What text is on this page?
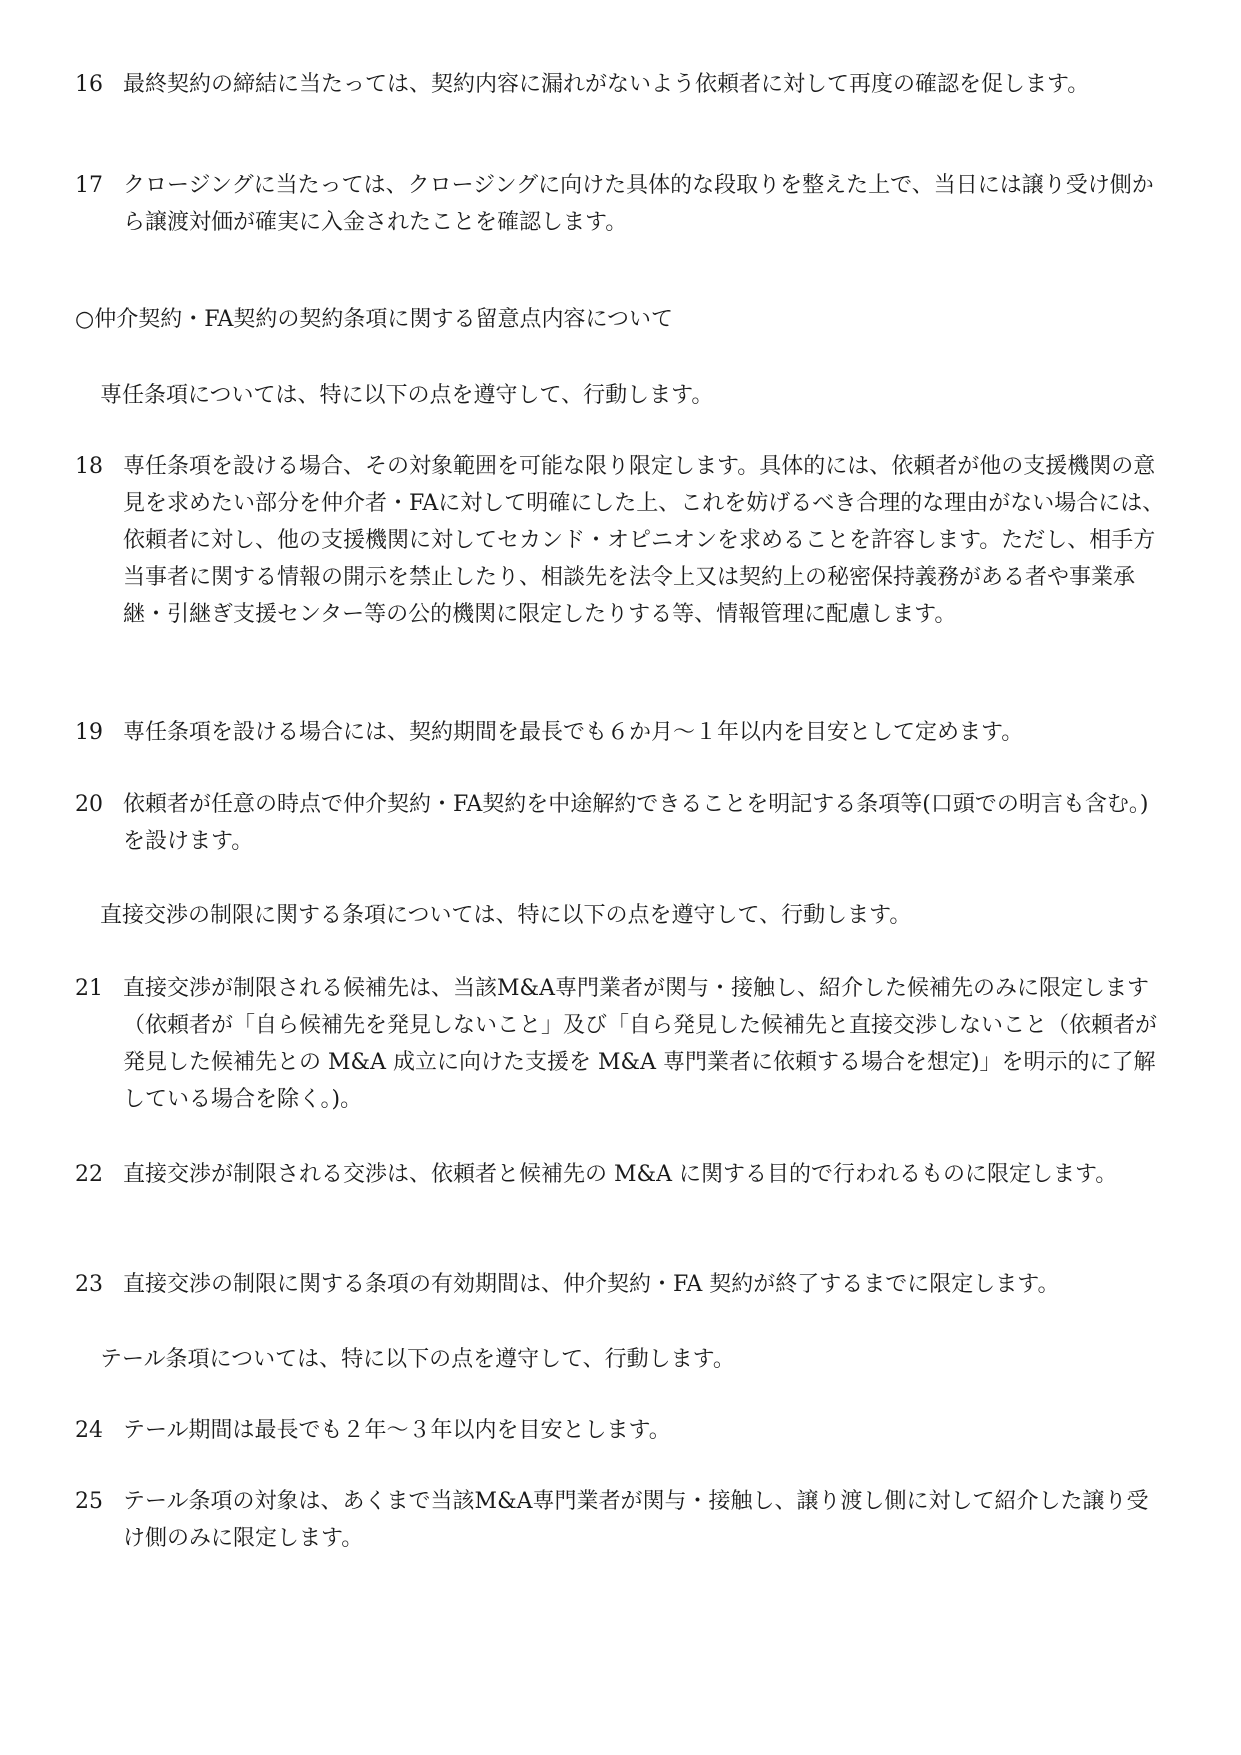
16 最終契約の締結に当たっては、契約内容に漏れがないよう依頼者に対して再度の確認を促します。
17 クロージングに当たっては、クロージングに向けた具体的な段取りを整えた上で、当日には譲り受け側から譲渡対価が確実に入金されたことを確認します。
○仲介契約・FA契約の契約条項に関する留意点内容について
専任条項については、特に以下の点を遵守して、行動します。
18 専任条項を設ける場合、その対象範囲を可能な限り限定します。具体的には、依頼者が他の支援機関の意見を求めたい部分を仲介者・FAに対して明確にした上、これを妨げるべき合理的な理由がない場合には、依頼者に対し、他の支援機関に対してセカンド・オピニオンを求めることを許容します。ただし、相手方当事者に関する情報の開示を禁止したり、相談先を法令上又は契約上の秘密保持義務がある者や事業承継・引継ぎ支援センター等の公的機関に限定したりする等、情報管理に配慮します。
19 専任条項を設ける場合には、契約期間を最長でも６か月～１年以内を目安として定めます。
20 依頼者が任意の時点で仲介契約・FA契約を中途解約できることを明記する条項等(口頭での明言も含む。)を設けます。
直接交渉の制限に関する条項については、特に以下の点を遵守して、行動します。
21 直接交渉が制限される候補先は、当該M&A専門業者が関与・接触し、紹介した候補先のみに限定します（依頼者が「自ら候補先を発見しないこと」及び「自ら発見した候補先と直接交渉しないこと（依頼者が発見した候補先との M&A 成立に向けた支援を M&A 専門業者に依頼する場合を想定)」を明示的に了解している場合を除く。)。
22 直接交渉が制限される交渉は、依頼者と候補先の M&A に関する目的で行われるものに限定します。
23 直接交渉の制限に関する条項の有効期間は、仲介契約・FA 契約が終了するまでに限定します。
テール条項については、特に以下の点を遵守して、行動します。
24 テール期間は最長でも２年～３年以内を目安とします。
25 テール条項の対象は、あくまで当該M&A専門業者が関与・接触し、譲り渡し側に対して紹介した譲り受け側のみに限定します。
